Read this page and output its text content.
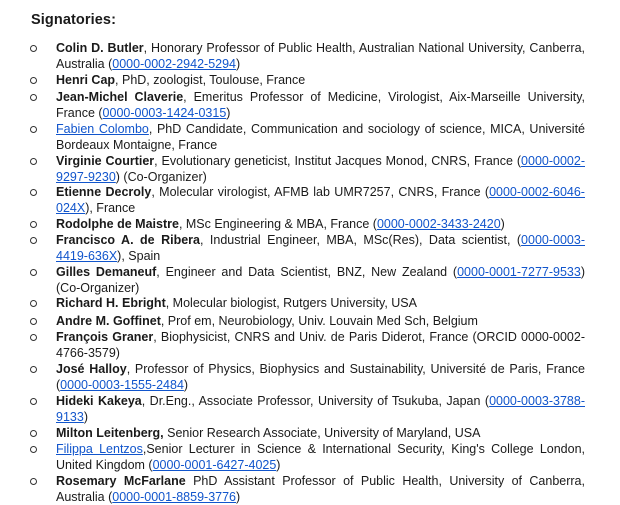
Signatories:
Colin D. Butler, Honorary Professor of Public Health, Australian National University, Canberra, Australia (0000-0002-2942-5294)
Henri Cap, PhD, zoologist, Toulouse, France
Jean-Michel Claverie, Emeritus Professor of Medicine, Virologist, Aix-Marseille University, France (0000-0003-1424-0315)
Fabien Colombo, PhD Candidate, Communication and sociology of science, MICA, Université Bordeaux Montaigne, France
Virginie Courtier, Evolutionary geneticist, Institut Jacques Monod, CNRS, France (0000-0002-9297-9230) (Co-Organizer)
Etienne Decroly, Molecular virologist, AFMB lab UMR7257, CNRS, France (0000-0002-6046-024X), France
Rodolphe de Maistre, MSc Engineering & MBA, France (0000-0002-3433-2420)
Francisco A. de Ribera, Industrial Engineer, MBA, MSc(Res), Data scientist, (0000-0003-4419-636X), Spain
Gilles Demaneuf, Engineer and Data Scientist, BNZ, New Zealand (0000-0001-7277-9533) (Co-Organizer)
Richard H. Ebright, Molecular biologist, Rutgers University, USA
Andre M. Goffinet, Prof em, Neurobiology, Univ. Louvain Med Sch, Belgium
François Graner, Biophysicist, CNRS and Univ. de Paris Diderot, France (ORCID 0000-0002-4766-3579)
José Halloy, Professor of Physics, Biophysics and Sustainability, Université de Paris, France (0000-0003-1555-2484)
Hideki Kakeya, Dr.Eng., Associate Professor, University of Tsukuba, Japan (0000-0003-3788-9133)
Milton Leitenberg, Senior Research Associate, University of Maryland, USA
Filippa Lentzos,Senior Lecturer in Science & International Security, King's College London, United Kingdom (0000-0001-6427-4025)
Rosemary McFarlane PhD Assistant Professor of Public Health, University of Canberra, Australia (0000-0001-8859-3776)
